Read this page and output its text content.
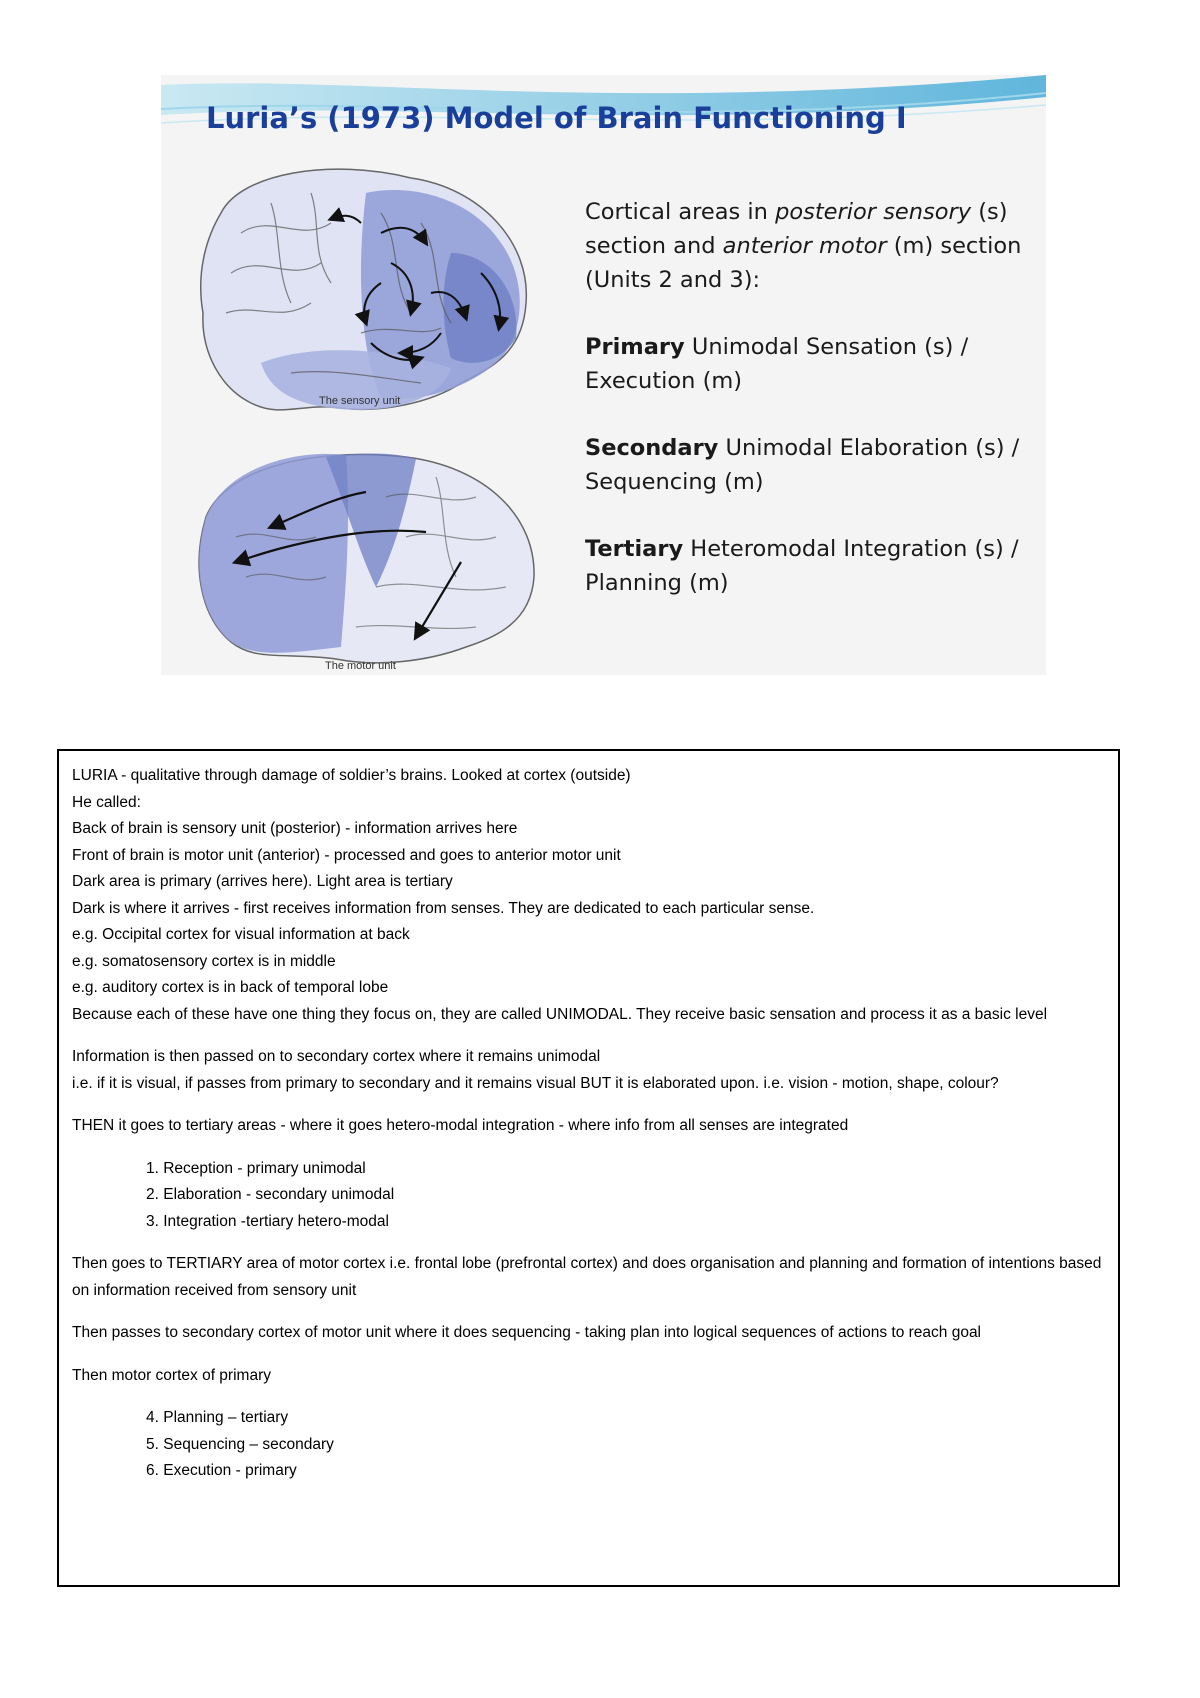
Luria’s (1973) Model of Brain Functioning I
The sensory unit
The motor unit

Cortical areas in posterior sensory (s) section and anterior motor (m) section (Units 2 and 3):

Primary Unimodal Sensation (s) / Execution (m)

Secondary Unimodal Elaboration (s) / Sequencing (m)

Tertiary Heteromodal Integration (s) / Planning (m)

LURIA - qualitative through damage of soldier’s brains. Looked at cortex (outside)
He called:
Back of brain is sensory unit (posterior) - information arrives here
Front of brain is motor unit (anterior) - processed and goes to anterior motor unit
Dark area is primary (arrives here). Light area is tertiary
Dark is where it arrives - first receives information from senses. They are dedicated to each particular sense.
e.g. Occipital cortex for visual information at back
e.g. somatosensory cortex is in middle
e.g. auditory cortex is in back of temporal lobe
Because each of these have one thing they focus on, they are called UNIMODAL. They receive basic sensation and process it as a basic level
Information is then passed on to secondary cortex where it remains unimodal
i.e. if it is visual, if passes from primary to secondary and it remains visual BUT it is elaborated upon. i.e. vision - motion, shape, colour?
THEN it goes to tertiary areas - where it goes hetero-modal integration - where info from all senses are integrated
1. Reception - primary unimodal
2. Elaboration - secondary unimodal
3. Integration -tertiary hetero-modal
Then goes to TERTIARY area of motor cortex i.e. frontal lobe (prefrontal cortex) and does organisation and planning and formation of intentions based on information received from sensory unit
Then passes to secondary cortex of motor unit where it does sequencing - taking plan into logical sequences of actions to reach goal
Then motor cortex of primary
4. Planning – tertiary
5. Sequencing – secondary
6. Execution - primary
